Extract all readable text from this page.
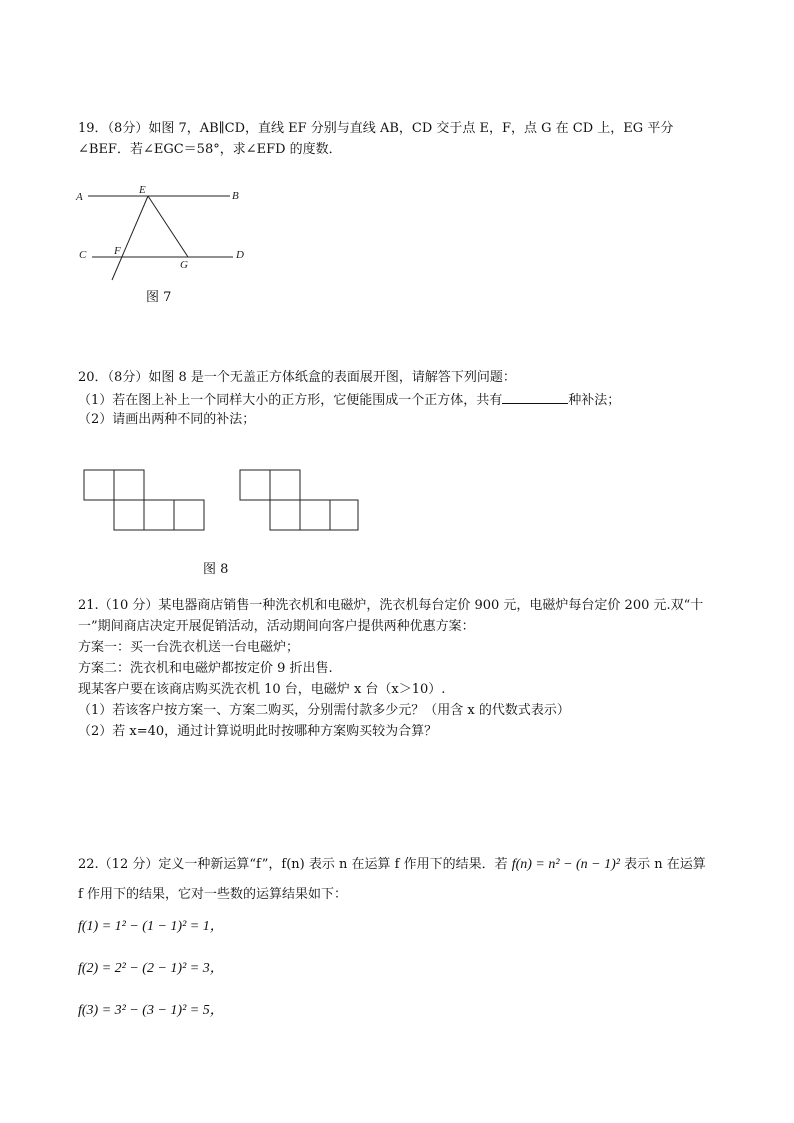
19．（8分）如图 7，AB∥CD，直线 EF 分别与直线 AB，CD 交于点 E，F，点 G 在 CD 上，EG 平分
∠BEF．若∠EGC＝58°，求∠EFD 的度数．
A
E	B
C	F
G
D
图 7
20．（8分）如图 8 是一个无盖正方体纸盒的表面展开图，请解答下列问题：
（1）若在图上补上一个同样大小的正方形，它便能围成一个正方体，共有	种补法；
（2）请画出两种不同的补法；
图 8
21.（10 分）某电器商店销售一种洗衣机和电磁炉，洗衣机每台定价 900 元，电磁炉每台定价 200 元.双“十
一”期间商店决定开展促销活动，活动期间向客户提供两种优惠方案：
方案一：买一台洗衣机送一台电磁炉；
方案二：洗衣机和电磁炉都按定价 9 折出售.
现某客户要在该商店购买洗衣机 10 台，电磁炉 x 台（x＞10）.
（1）若该客户按方案一、方案二购买，分别需付款多少元？（用含 x 的代数式表示）
（2）若 x=40，通过计算说明此时按哪种方案购买较为合算？
22.（12 分）定义一种新运算“f”，f(n) 表示 n 在运算 f 作用下的结果．若 f(n) = n² − (n − 1)² 表示 n 在运算
f 作用下的结果，它对一些数的运算结果如下：
f(1) = 1² − (1 − 1)² = 1，
f(2) = 2² − (2 − 1)² = 3，
f(3) = 3² − (3 − 1)² = 5，
